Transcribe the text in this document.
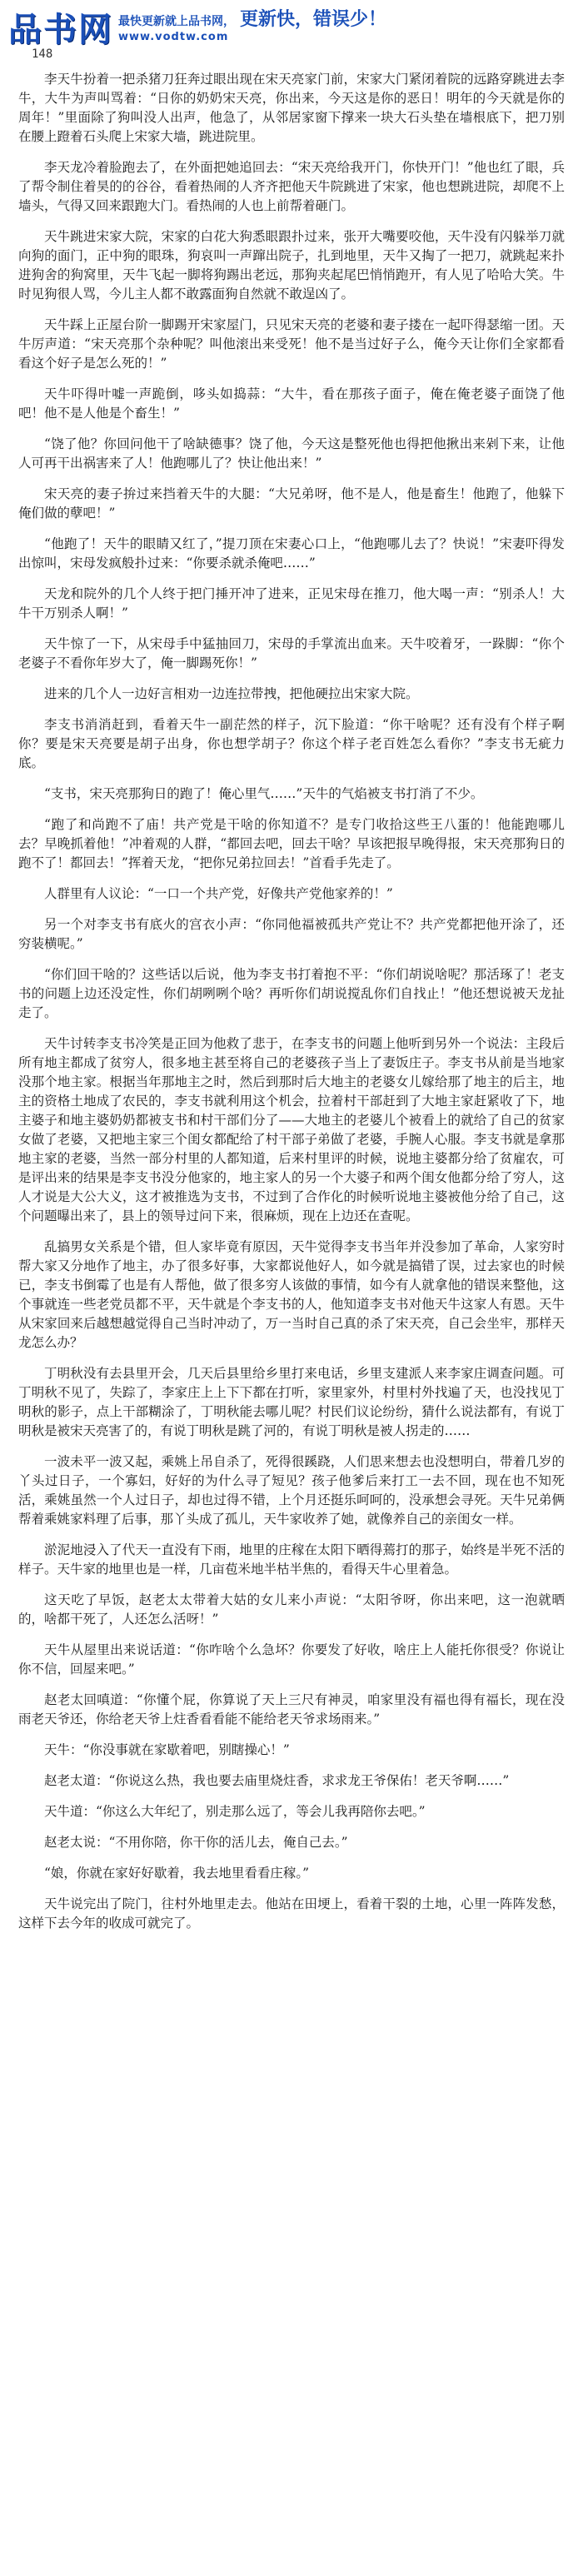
品书网 最快更新就上品书网， 更新快，错误少！
www.vodtw.com
148

李天牛扮着一把杀猪刀狂奔过眼出现在宋天亮家门前，宋家大门紧闭着院的远路穿跳进去李牛，大牛为声叫骂着：“日你的奶奶宋天亮，你出来，今天这是你的恶日！明年的今天就是你的周年！”里面除了狗叫没人出声，他急了，从邻居家窗下撑来一块大石头垫在墙根底下，把刀别在腰上蹬着石头爬上宋家大墙，跳进院里。

李天龙冷着脸跑去了，在外面把她追回去：“宋天亮给我开门，你快开门！”他也红了眼，兵了帮令制住着昊的的谷谷，看着热闹的人齐齐把他天牛院跳进了宋家，他也想跳进院，却爬不上墙头，气得又回来跟跑大门。看热闹的人也上前帮着砸门。

天牛跳进宋家大院，宋家的白花大狗悉眼跟扑过来，张开大嘴要咬他，天牛没有闪躲举刀就向狗的面门，正中狗的眼珠，狗哀叫一声蹿出院子，扎到地里，天牛又掏了一把刀，就跳起来扑进狗舍的狗窝里，天牛飞起一脚将狗踢出老远，那狗夹起尾巴悄悄跑开，有人见了哈哈大笑。牛时见狗很人骂，今儿主人都不敢露面狗自然就不敢逞凶了。

天牛踩上正屋台阶一脚踢开宋家屋门，只见宋天亮的老婆和妻子搂在一起吓得瑟缩一团。天牛厉声道：“宋天亮那个杂种呢？叫他滚出来受死！他不是当过好子么，俺今天让你们全家都看看这个好子是怎么死的！”

天牛吓得叶嘘一声跪倒，哆头如捣蒜：“大牛，看在那孩子面子，俺在俺老婆子面饶了他吧！他不是人他是个畜生！”

“饶了他？你回问他干了啥缺德事？饶了他，今天这是整死他也得把他揪出来剁下来，让他人可再干出祸害来了人！他跑哪儿了？快让他出来！”

宋天亮的妻子拚过来挡着天牛的大腿：“大兄弟呀，他不是人，他是畜生！他跑了，他躲下俺们做的孽吧！”

“他跑了！天牛的眼睛又红了，”提刀顶在宋妻心口上，“他跑哪儿去了？快说！”宋妻吓得发出惊叫，宋母发疯般扑过来：“你要杀就杀俺吧……”

天龙和院外的几个人终于把门捶开冲了进来，正见宋母在推刀，他大喝一声：“别杀人！大牛干万别杀人啊！”

天牛惊了一下，从宋母手中猛抽回刀，宋母的手掌流出血来。天牛咬着牙，一跺脚：“你个老婆子不看你年岁大了，俺一脚踢死你！”

进来的几个人一边好言相劝一边连拉带拽，把他硬拉出宋家大院。

李支书消消赶到，看着天牛一副茫然的样子，沉下脸道：“你干啥呢？还有没有个样子啊你？要是宋天亮要是胡子出身，你也想学胡子？你这个样子老百姓怎么看你？”李支书无疵力底。

“支书，宋天亮那狗日的跑了！俺心里气……”天牛的气焰被支书打消了不少。

“跑了和尚跑不了庙！共产党是干啥的你知道不？是专门收拾这些王八蛋的！他能跑哪儿去？早晚抓着他！”冲着观的人群，“都回去吧，回去干啥？早该把报早晚得报，宋天亮那狗日的跑不了！都回去！”挥着天龙，“把你兄弟拉回去！”首看手先走了。

人群里有人议论：“一口一个共产党，好像共产党他家养的！”

另一个对李支书有底火的宫衣小声：“你同他福被孤共产党让不？共产党都把他开涂了，还穷装横呢。”

“你们回干啥的？这些话以后说，他为李支书打着抱不平：“你们胡说啥呢？那活琢了！老支书的问题上边还没定性，你们胡咧咧个啥？再听你们胡说搅乱你们自找止！”他还想说被天龙扯走了。

天牛讨转李支书冷笑是正回为他救了悲于，在李支书的问题上他听到另外一个说法：主段后所有地主都成了贫穷人，很多地主甚至将自己的老婆孩子当上了妻饭庄子。李支书从前是当地家没那个地主家。根据当年那地主之时，然后到那时后大地主的老婆女儿嫁给那了地主的后主，地主的资格土地成了农民的，李支书就利用这个机会，拉着村干部赶到了大地主家赶紧收了下，地主婆子和地主婆奶奶都被支书和村干部们分了——大地主的老婆儿个被看上的就给了自己的贫家女做了老婆，又把地主家三个闺女都配给了村干部子弟做了老婆，手腕人心服。李支书就是拿那地主家的老婆，当然一部分村里的人都知道，后来村里评的时候，说地主婆都分给了贫雇农，可是评出来的结果是李支书没分他家的，地主家人的另一个大婆子和两个闺女他都分给了穷人，这人才说是大公大义，这才被推选为支书，不过到了合作化的时候听说地主婆被他分给了自己，这个问题曝出来了，县上的领导过问下来，很麻烦，现在上边还在查呢。

乱搞男女关系是个错，但人家毕竟有原因，天牛觉得李支书当年并没参加了革命，人家穷时帮大家又分地作了地主，办了很多好事，大家都说他好人，如今就是搞错了误，过去家也的时候已，李支书倒霉了也是有人帮他，做了很多穷人该做的事情，如今有人就拿他的错误来整他，这个事就连一些老党员都不平，天牛就是个李支书的人，他知道李支书对他天牛这家人有恩。天牛从宋家回来后越想越觉得自己当时冲动了，万一当时自己真的杀了宋天亮，自己会坐牢，那样天龙怎么办？

丁明秋没有去县里开会，几天后县里给乡里打来电话，乡里支建派人来李家庄调查问题。可丁明秋不见了，失踪了，李家庄上上下下都在打听，家里家外，村里村外找遍了天，也没找见丁明秋的影子，点上干部糊涂了，丁明秋能去哪儿呢？村民们议论纷纷，猜什么说法都有，有说丁明秋是被宋天亮害了的，有说丁明秋是跳了河的，有说丁明秋是被人拐走的……

一波未平一波又起，乘姚上吊自杀了，死得很蹊跷，人们思来想去也没想明白，带着几岁的丫头过日子，一个寡妇，好好的为什么寻了短见？孩子他爹后来打工一去不回，现在也不知死活，乘姚虽然一个人过日子，却也过得不错，上个月还挺乐呵呵的，没承想会寻死。天牛兄弟俩帮着乘姚家料理了后事，那丫头成了孤儿，天牛家收养了她，就像养自己的亲闺女一样。

淤泥地浸入了代天一直没有下雨，地里的庄稼在太阳下晒得蔫打的那子，始终是半死不活的样子。天牛家的地里也是一样，几亩苞米地半枯半焦的，看得天牛心里着急。

这天吃了早饭，赵老太太带着大姑的女儿来小声说：“太阳爷呀，你出来吧，这一泡就晒的，啥都干死了，人还怎么活呀！”

天牛从屋里出来说话道：“你咋啥个么急坏？你要发了好收，啥庄上人能托你很受？你说让你不信，回屋来吧。”

赵老太回嗔道：“你懂个屁，你算说了天上三尺有神灵，咱家里没有福也得有福长，现在没雨老天爷还，你给老天爷上炷香看看能不能给老天爷求场雨来。”

天牛：“你没事就在家歇着吧，别瞎操心！”

赵老太道：“你说这么热，我也要去庙里烧炷香，求求龙王爷保佑！老天爷啊……”

天牛道：“你这么大年纪了，别走那么远了，等会儿我再陪你去吧。”

赵老太说：“不用你陪，你干你的活儿去，俺自己去。”

“娘，你就在家好好歇着，我去地里看看庄稼。”

天牛说完出了院门，往村外地里走去。他站在田埂上，看着干裂的土地，心里一阵阵发愁，这样下去今年的收成可就完了。
